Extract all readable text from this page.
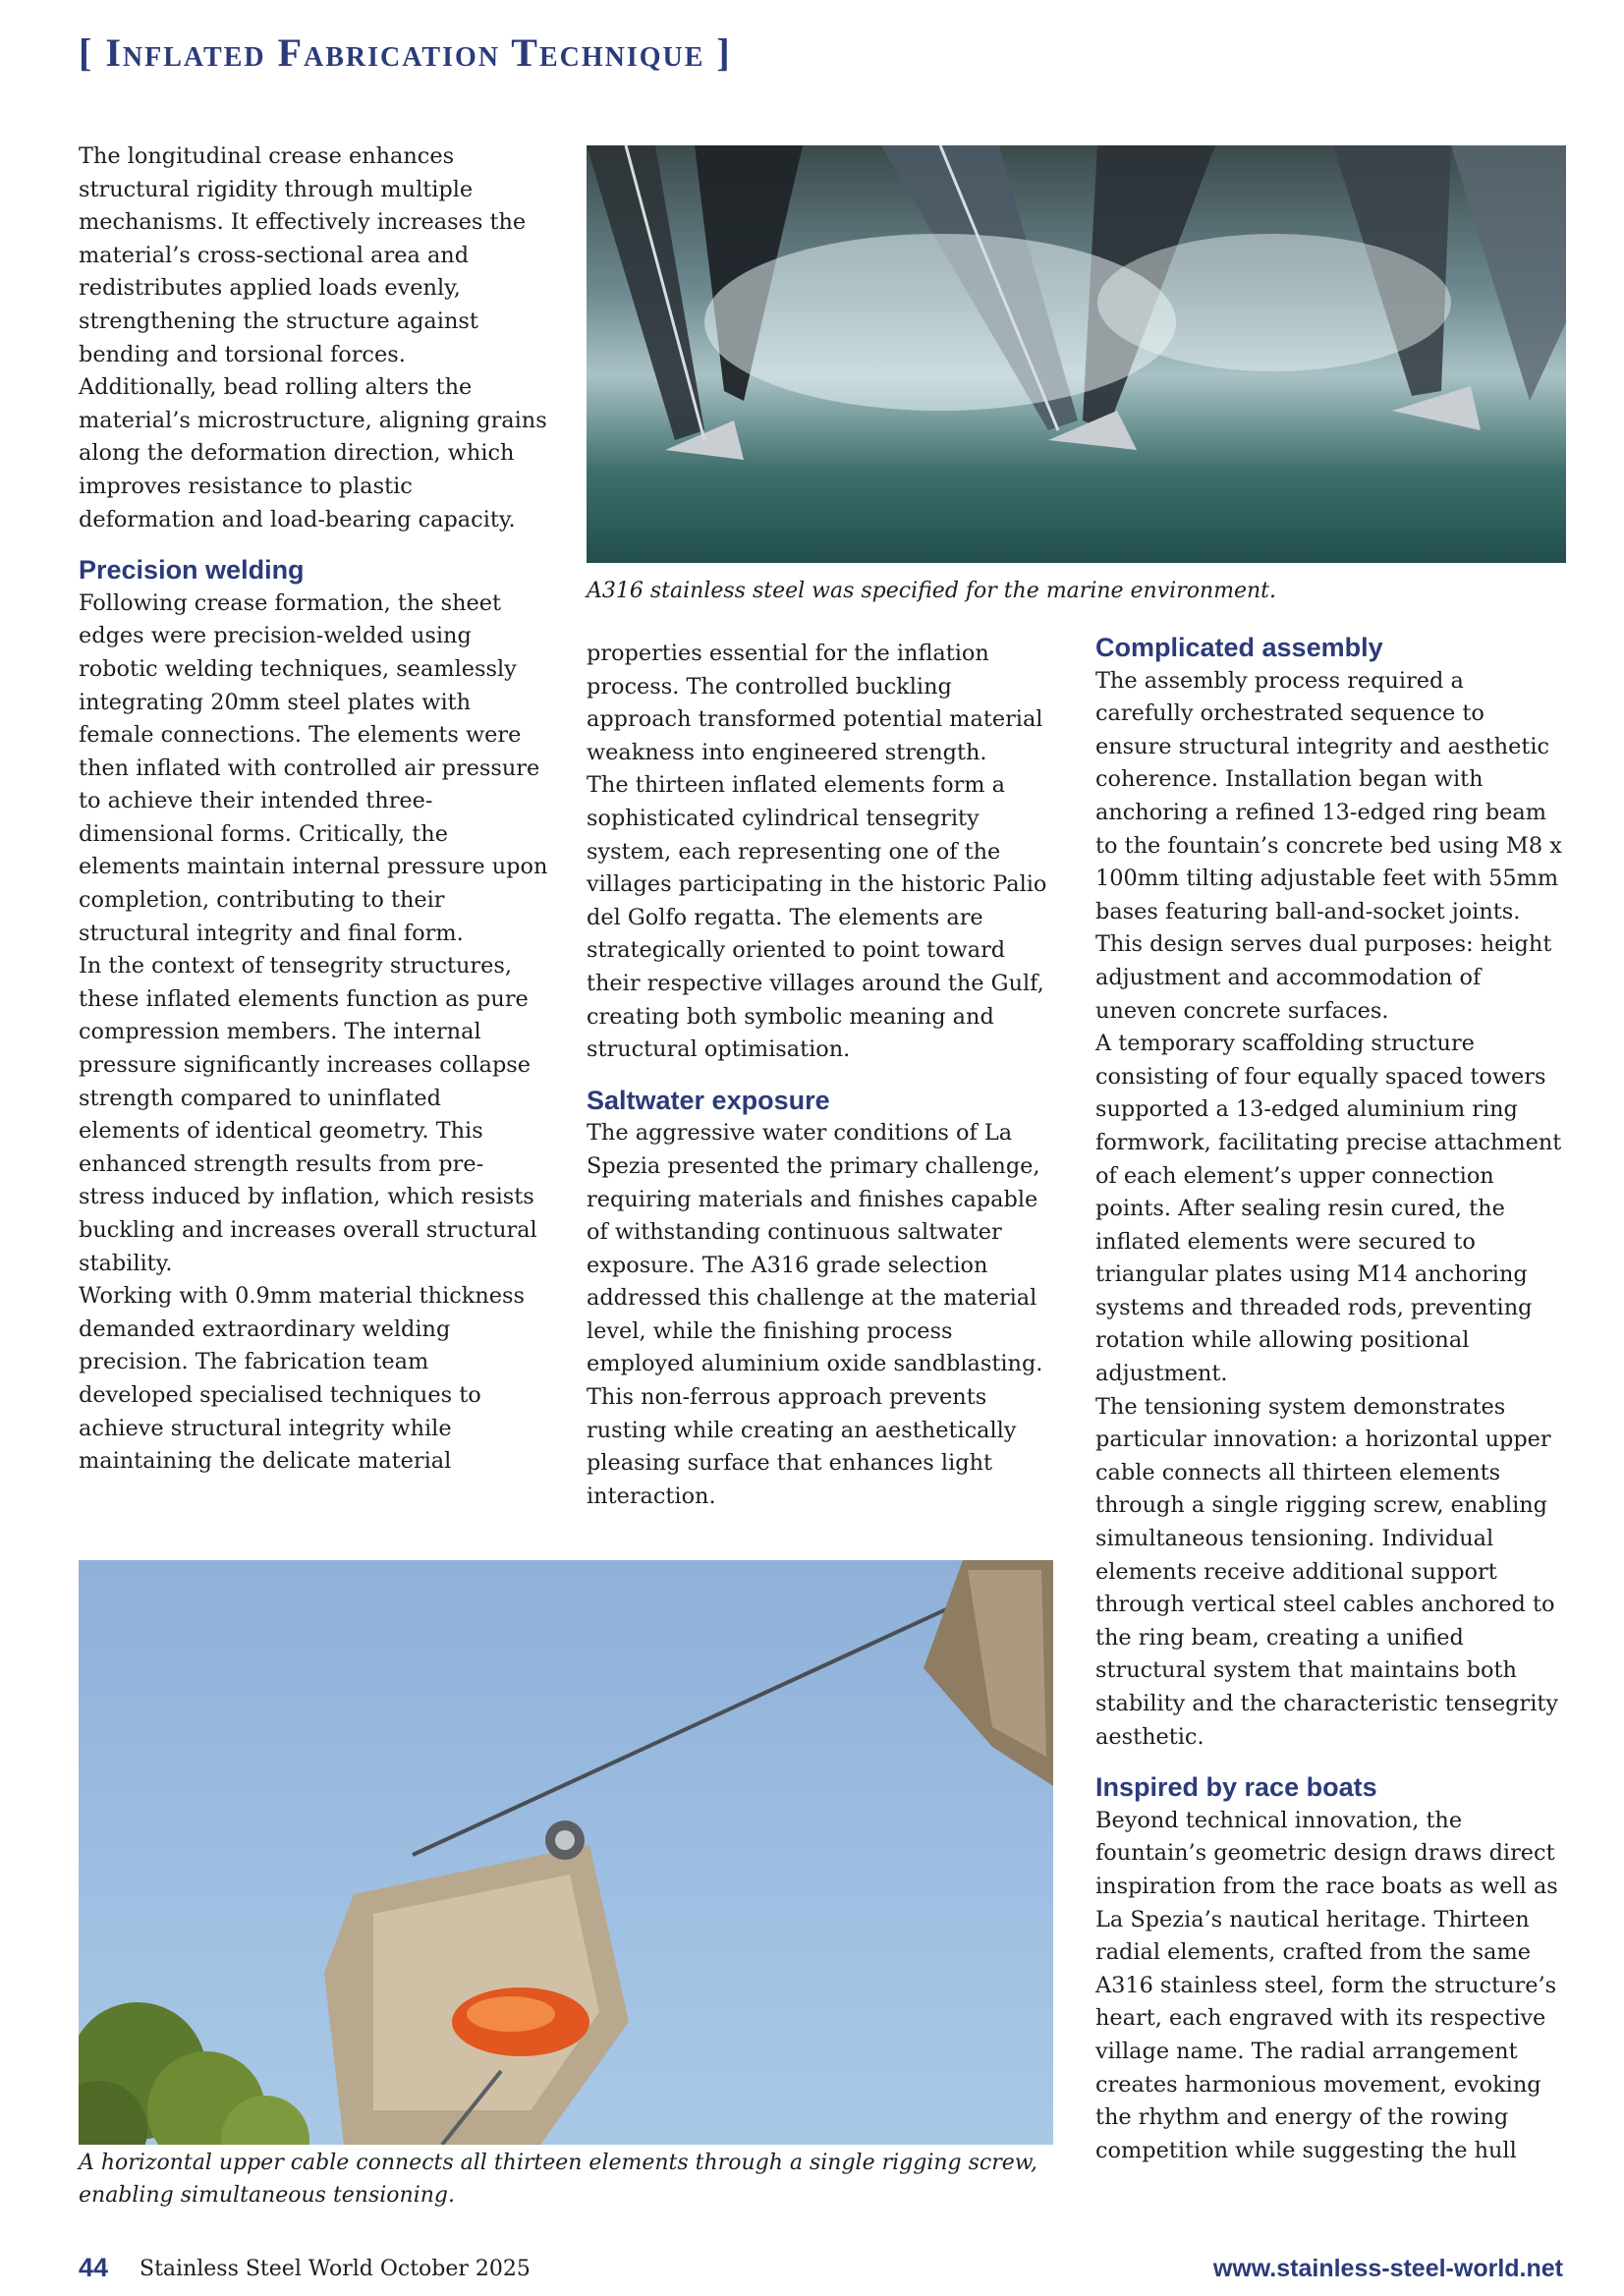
[ Inflated Fabrication Technique ]

A316 stainless steel was specified for the marine environment.

The longitudinal crease enhances structural rigidity through multiple mechanisms. It effectively increases the material’s cross-sectional area and redistributes applied loads evenly, strengthening the structure against bending and torsional forces. Additionally, bead rolling alters the material’s microstructure, aligning grains along the deformation direction, which improves resistance to plastic deformation and load-bearing capacity.

Precision welding

Following crease formation, the sheet edges were precision-welded using robotic welding techniques, seamlessly integrating 20mm steel plates with female connections. The elements were then inflated with controlled air pressure to achieve their intended three-dimensional forms. Critically, the elements maintain internal pressure upon completion, contributing to their structural integrity and final form.

In the context of tensegrity structures, these inflated elements function as pure compression members. The internal pressure significantly increases collapse strength compared to uninflated elements of identical geometry. This enhanced strength results from pre-stress induced by inflation, which resists buckling and increases overall structural stability.

Working with 0.9mm material thickness demanded extraordinary welding precision. The fabrication team developed specialised techniques to achieve structural integrity while maintaining the delicate material

properties essential for the inflation process. The controlled buckling approach transformed potential material weakness into engineered strength.

The thirteen inflated elements form a sophisticated cylindrical tensegrity system, each representing one of the villages participating in the historic Palio del Golfo regatta. The elements are strategically oriented to point toward their respective villages around the Gulf, creating both symbolic meaning and structural optimisation.

Saltwater exposure

The aggressive water conditions of La Spezia presented the primary challenge, requiring materials and finishes capable of withstanding continuous saltwater exposure. The A316 grade selection addressed this challenge at the material level, while the finishing process employed aluminium oxide sandblasting. This non-ferrous approach prevents rusting while creating an aesthetically pleasing surface that enhances light interaction.

Complicated assembly

The assembly process required a carefully orchestrated sequence to ensure structural integrity and aesthetic coherence. Installation began with anchoring a refined 13-edged ring beam to the fountain’s concrete bed using M8 x 100mm tilting adjustable feet with 55mm bases featuring ball-and-socket joints. This design serves dual purposes: height adjustment and accommodation of uneven concrete surfaces.

A temporary scaffolding structure consisting of four equally spaced towers supported a 13-edged aluminium ring formwork, facilitating precise attachment of each element’s upper connection points. After sealing resin cured, the inflated elements were secured to triangular plates using M14 anchoring systems and threaded rods, preventing rotation while allowing positional adjustment.

The tensioning system demonstrates particular innovation: a horizontal upper cable connects all thirteen elements through a single rigging screw, enabling simultaneous tensioning. Individual elements receive additional support through vertical steel cables anchored to the ring beam, creating a unified structural system that maintains both stability and the characteristic tensegrity aesthetic.

Inspired by race boats

Beyond technical innovation, the fountain’s geometric design draws direct inspiration from the race boats as well as La Spezia’s nautical heritage. Thirteen radial elements, crafted from the same A316 stainless steel, form the structure’s heart, each engraved with its respective village name. The radial arrangement creates harmonious movement, evoking the rhythm and energy of the rowing competition while suggesting the hull

A horizontal upper cable connects all thirteen elements through a single rigging screw, enabling simultaneous tensioning.

44 Stainless Steel World October 2025	www.stainless-steel-world.net
